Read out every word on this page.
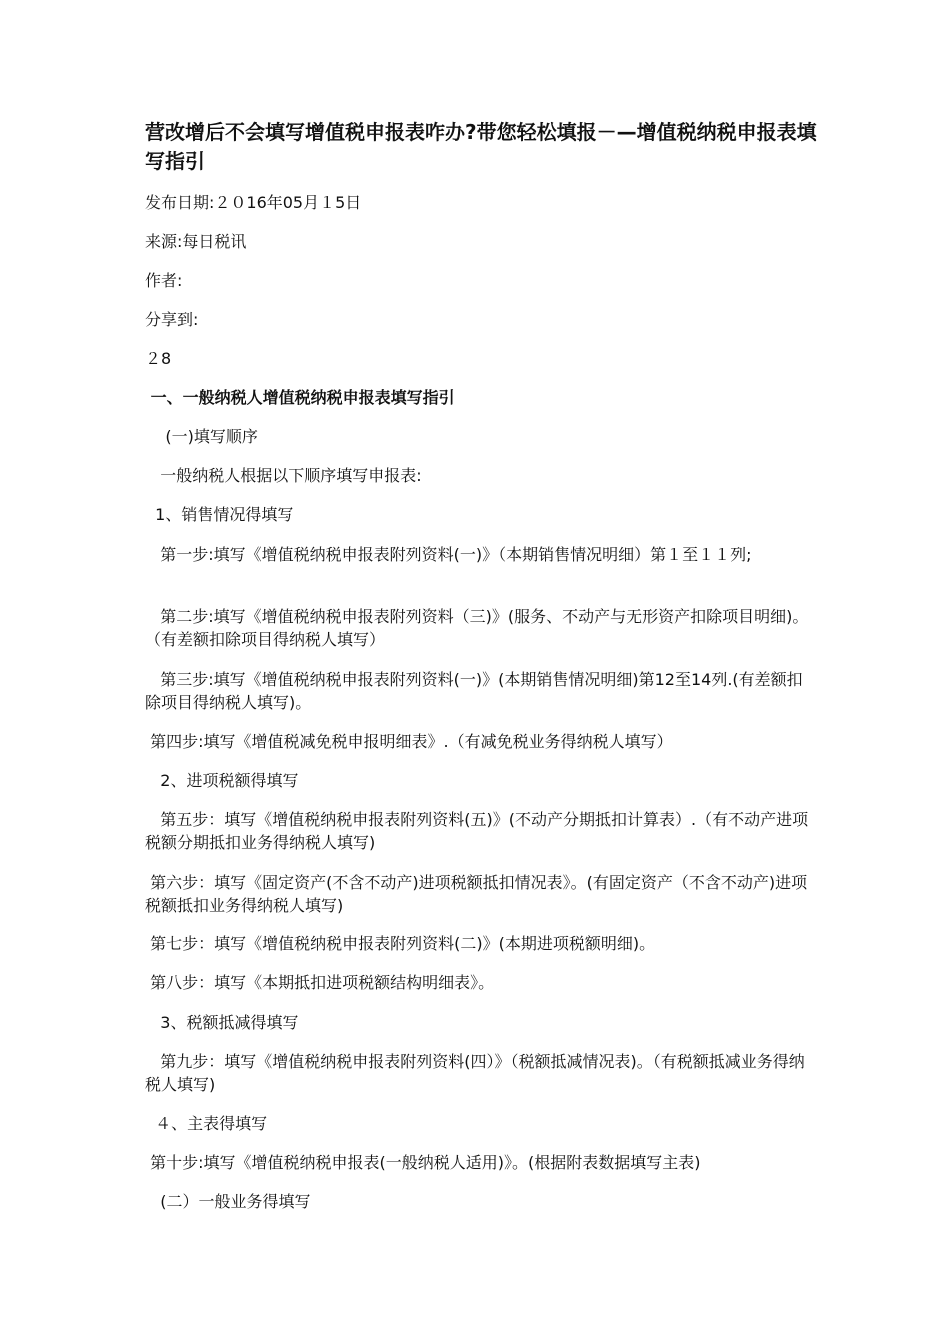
营改增后不会填写增值税申报表咋办?带您轻松填报－—增值税纳税申报表填写指引

发布日期:２０16年05月１5日

来源:每日税讯

作者:

分享到:

２8

一、一般纳税人增值税纳税申报表填写指引

(一)填写顺序

一般纳税人根据以下顺序填写申报表:

1、销售情况得填写

第一步:填写《增值税纳税申报表附列资料(一)》（本期销售情况明细）第１至１１列;

第二步:填写《增值税纳税申报表附列资料（三)》(服务、不动产与无形资产扣除项目明细)。（有差额扣除项目得纳税人填写）

第三步:填写《增值税纳税申报表附列资料(一)》(本期销售情况明细)第12至14列.(有差额扣除项目得纳税人填写)。

第四步:填写《增值税减免税申报明细表》.（有减免税业务得纳税人填写）

2、进项税额得填写

第五步：填写《增值税纳税申报表附列资料(五)》(不动产分期抵扣计算表）.（有不动产进项税额分期抵扣业务得纳税人填写)

第六步：填写《固定资产(不含不动产)进项税额抵扣情况表》。(有固定资产（不含不动产)进项税额抵扣业务得纳税人填写)

第七步：填写《增值税纳税申报表附列资料(二)》(本期进项税额明细)。

第八步：填写《本期抵扣进项税额结构明细表》。

3、税额抵减得填写

第九步：填写《增值税纳税申报表附列资料(四）》（税额抵减情况表)。（有税额抵减业务得纳税人填写)

４、主表得填写

第十步:填写《增值税纳税申报表(一般纳税人适用)》。(根据附表数据填写主表)

(二）一般业务得填写
